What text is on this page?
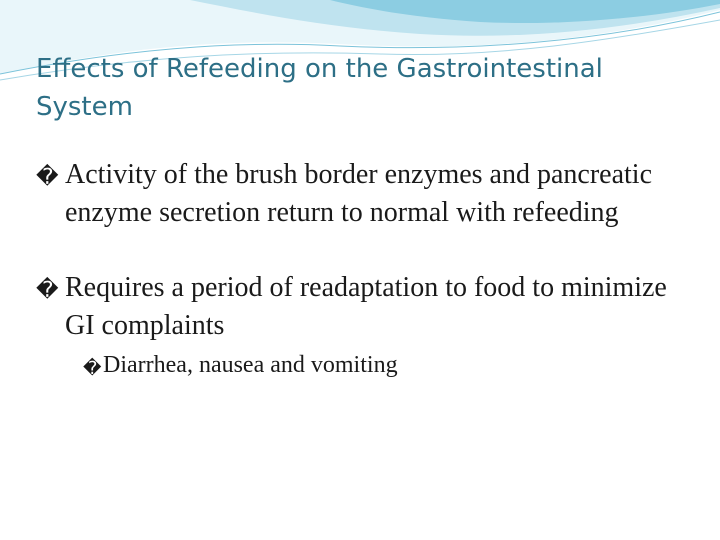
Effects of Refeeding on the Gastrointestinal System
� Activity of the brush border enzymes and pancreatic enzyme secretion return to normal with refeeding
� Requires a period of readaptation to food to minimize GI complaints
� Diarrhea, nausea and vomiting
